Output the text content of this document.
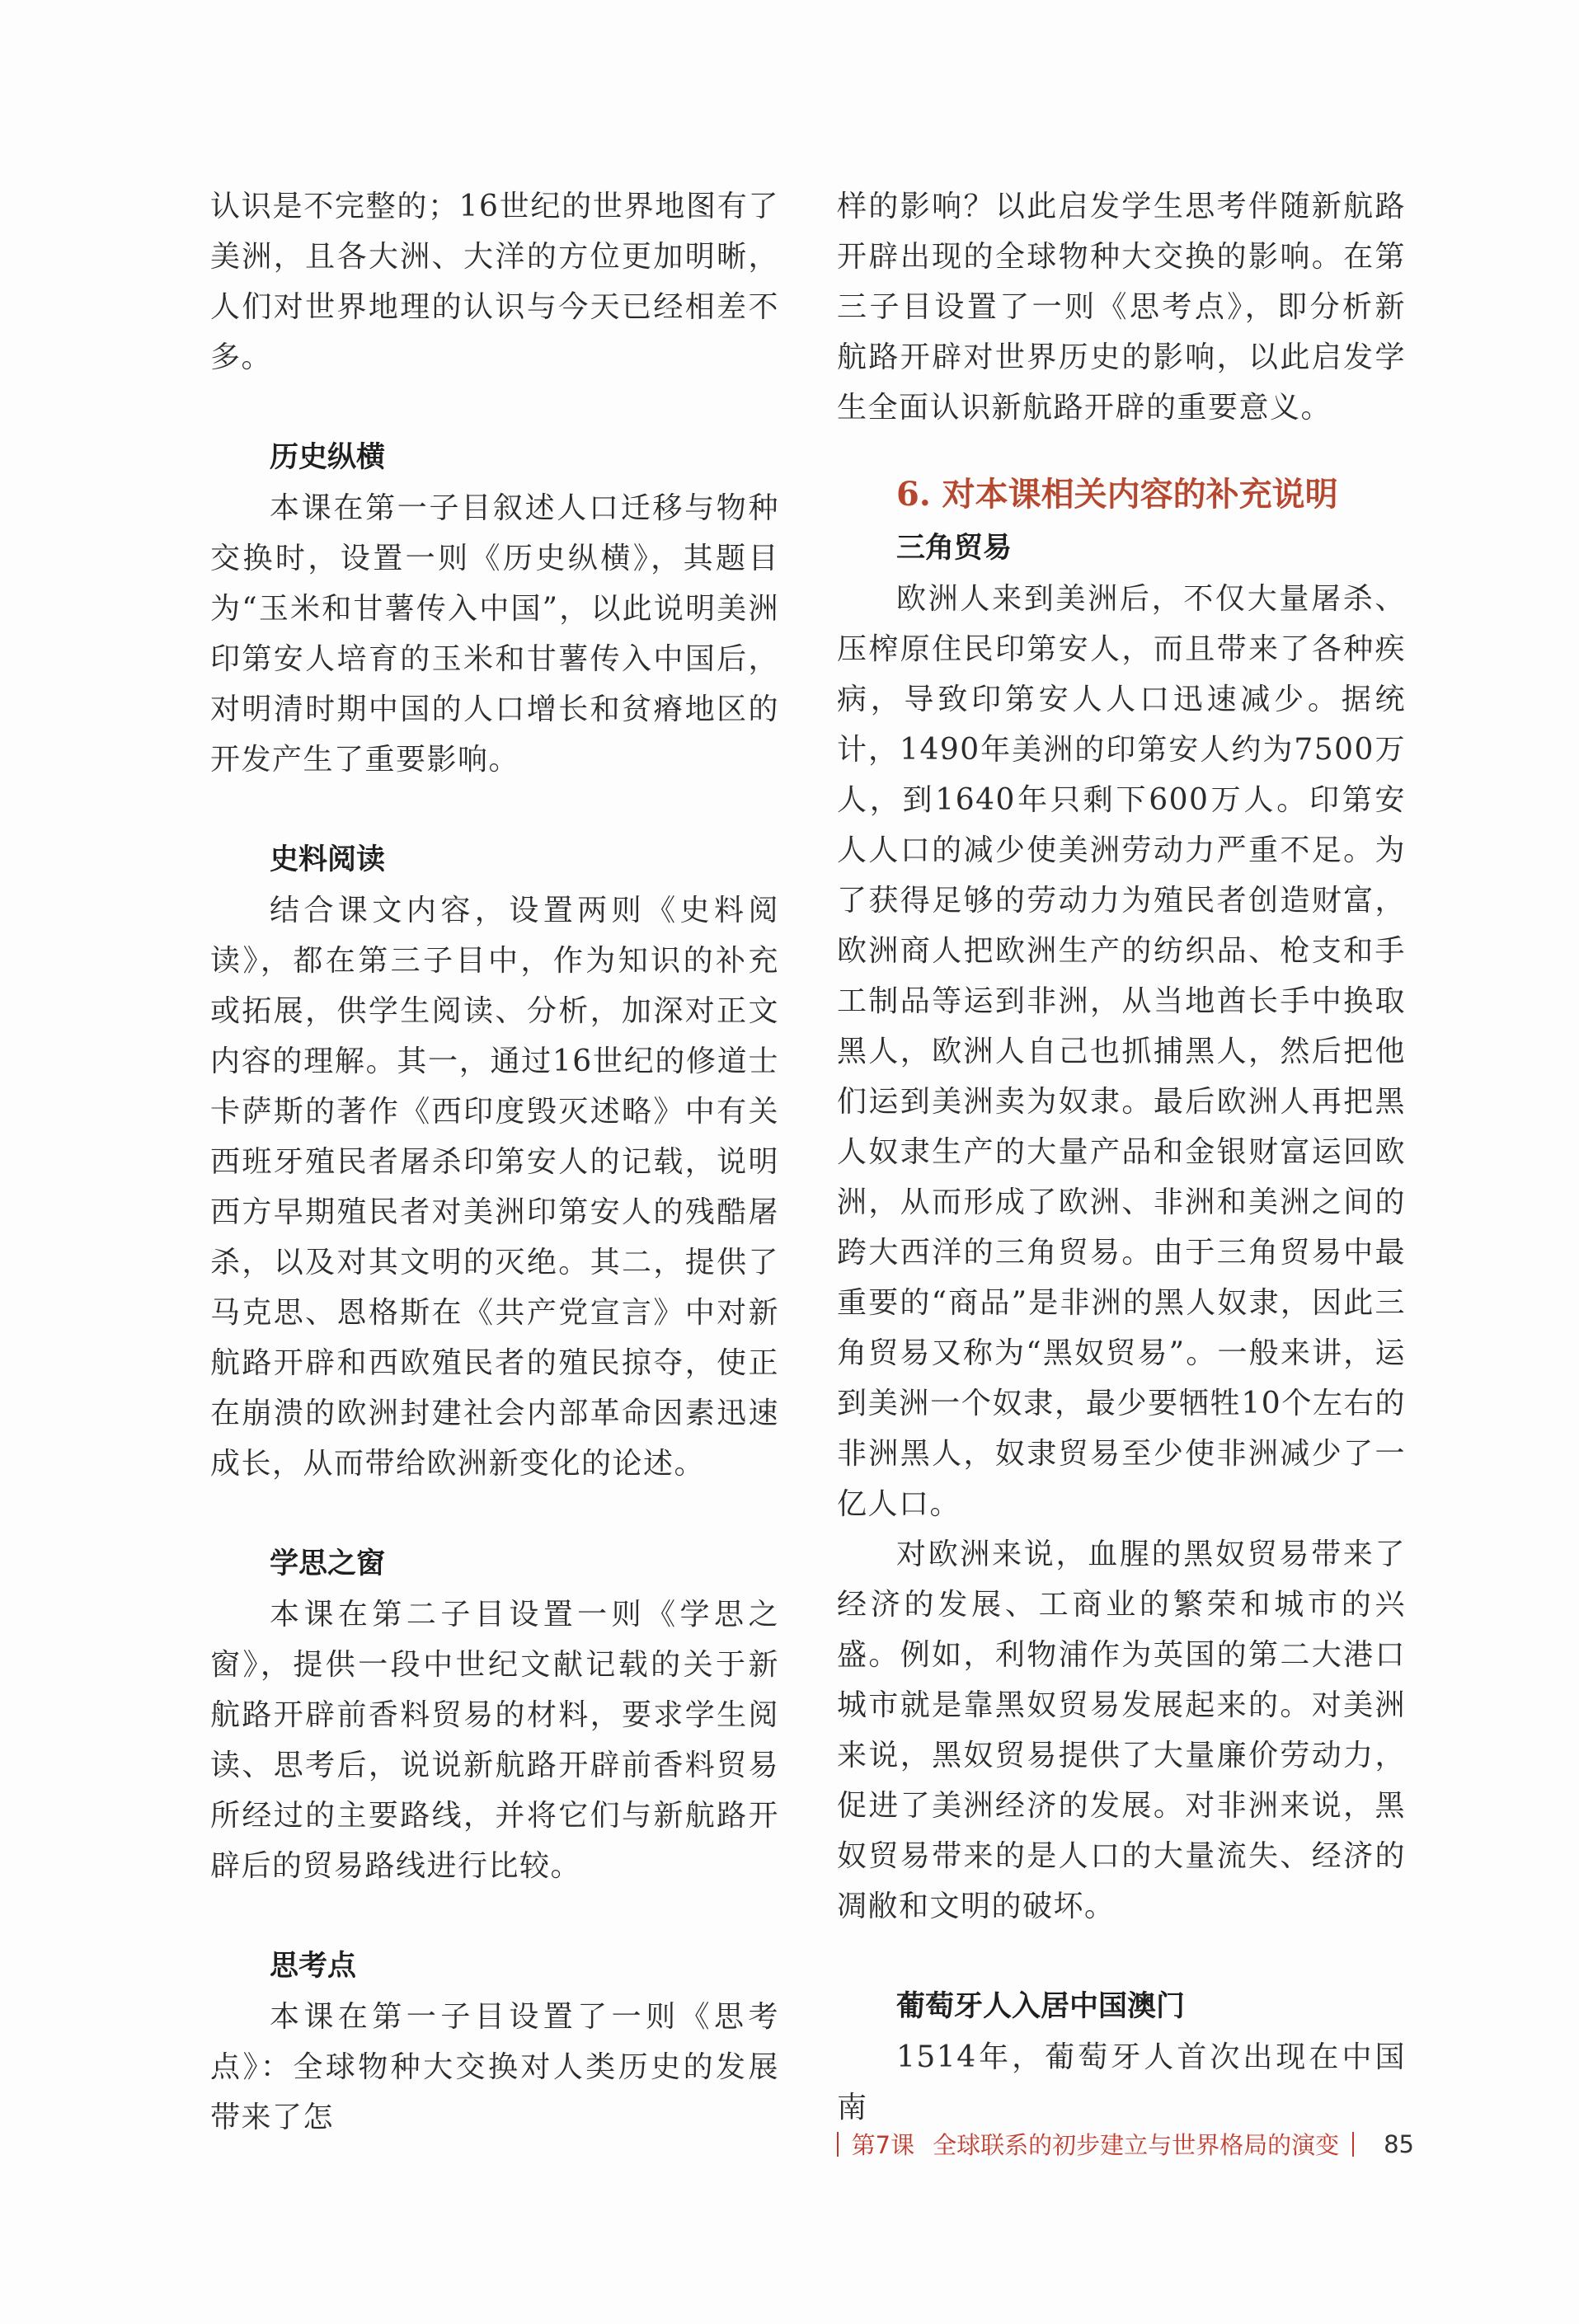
认识是不完整的；16世纪的世界地图有了美洲，且各大洲、大洋的方位更加明晰，人们对世界地理的认识与今天已经相差不多。

历史纵横

本课在第一子目叙述人口迁移与物种交换时，设置一则《历史纵横》，其题目为“玉米和甘薯传入中国”，以此说明美洲印第安人培育的玉米和甘薯传入中国后，对明清时期中国的人口增长和贫瘠地区的开发产生了重要影响。

史料阅读

结合课文内容，设置两则《史料阅读》，都在第三子目中，作为知识的补充或拓展，供学生阅读、分析，加深对正文内容的理解。其一，通过16世纪的修道士卡萨斯的著作《西印度毁灭述略》中有关西班牙殖民者屠杀印第安人的记载，说明西方早期殖民者对美洲印第安人的残酷屠杀，以及对其文明的灭绝。其二，提供了马克思、恩格斯在《共产党宣言》中对新航路开辟和西欧殖民者的殖民掠夺，使正在崩溃的欧洲封建社会内部革命因素迅速成长，从而带给欧洲新变化的论述。

学思之窗

本课在第二子目设置一则《学思之窗》，提供一段中世纪文献记载的关于新航路开辟前香料贸易的材料，要求学生阅读、思考后，说说新航路开辟前香料贸易所经过的主要路线，并将它们与新航路开辟后的贸易路线进行比较。

思考点

本课在第一子目设置了一则《思考点》：全球物种大交换对人类历史的发展带来了怎

样的影响？以此启发学生思考伴随新航路开辟出现的全球物种大交换的影响。在第三子目设置了一则《思考点》，即分析新航路开辟对世界历史的影响，以此启发学生全面认识新航路开辟的重要意义。

6. 对本课相关内容的补充说明

三角贸易

欧洲人来到美洲后，不仅大量屠杀、压榨原住民印第安人，而且带来了各种疾病，导致印第安人人口迅速减少。据统计，1490年美洲的印第安人约为7500万人，到1640年只剩下600万人。印第安人人口的减少使美洲劳动力严重不足。为了获得足够的劳动力为殖民者创造财富，欧洲商人把欧洲生产的纺织品、枪支和手工制品等运到非洲，从当地酋长手中换取黑人，欧洲人自己也抓捕黑人，然后把他们运到美洲卖为奴隶。最后欧洲人再把黑人奴隶生产的大量产品和金银财富运回欧洲，从而形成了欧洲、非洲和美洲之间的跨大西洋的三角贸易。由于三角贸易中最重要的“商品”是非洲的黑人奴隶，因此三角贸易又称为“黑奴贸易”。一般来讲，运到美洲一个奴隶，最少要牺牲10个左右的非洲黑人，奴隶贸易至少使非洲减少了一亿人口。

对欧洲来说，血腥的黑奴贸易带来了经济的发展、工商业的繁荣和城市的兴盛。例如，利物浦作为英国的第二大港口城市就是靠黑奴贸易发展起来的。对美洲来说，黑奴贸易提供了大量廉价劳动力，促进了美洲经济的发展。对非洲来说，黑奴贸易带来的是人口的大量流失、经济的凋敝和文明的破坏。

葡萄牙人入居中国澳门

1514年，葡萄牙人首次出现在中国南

第7课 全球联系的初步建立与世界格局的演变 85
